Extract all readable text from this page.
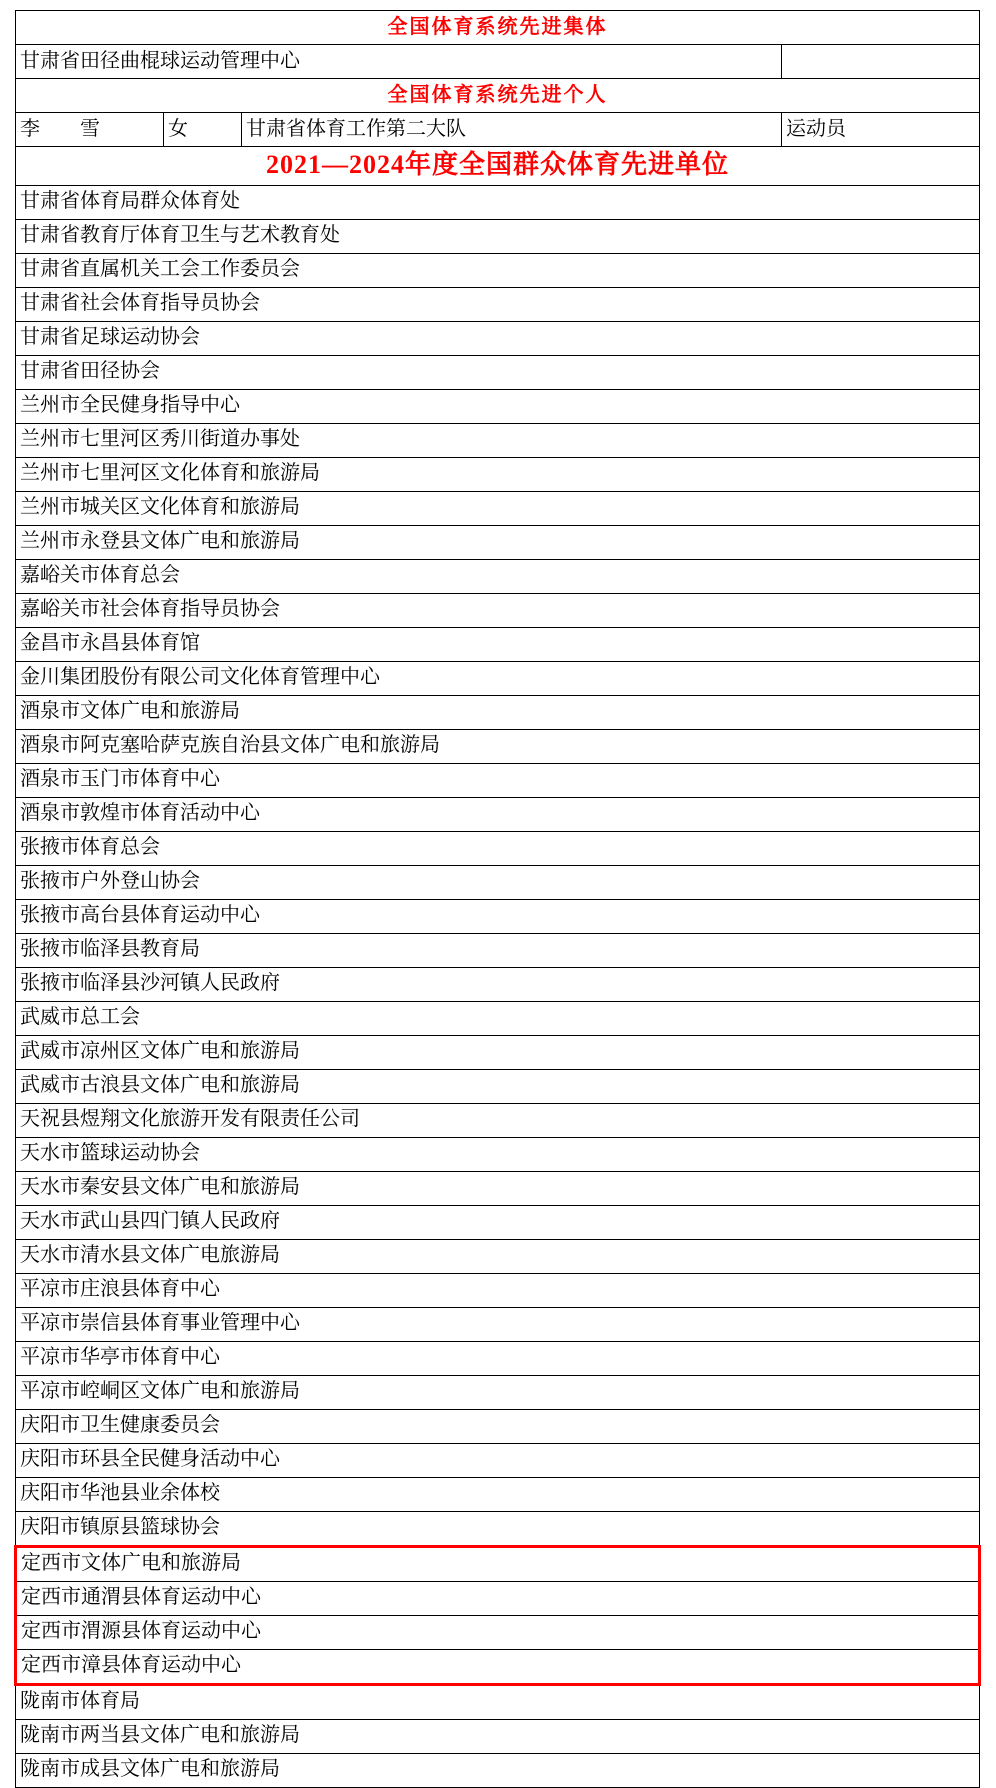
全国体育系统先进集体			
甘肃省田径曲棍球运动管理中心			
全国体育系统先进个人			
李　雪	女	甘肃省体育工作第二大队	运动员
2021—2024年度全国群众体育先进单位			
甘肃省体育局群众体育处			
甘肃省教育厅体育卫生与艺术教育处			
甘肃省直属机关工会工作委员会			
甘肃省社会体育指导员协会			
甘肃省足球运动协会			
甘肃省田径协会			
兰州市全民健身指导中心			
兰州市七里河区秀川街道办事处			
兰州市七里河区文化体育和旅游局			
兰州市城关区文化体育和旅游局			
兰州市永登县文体广电和旅游局			
嘉峪关市体育总会			
嘉峪关市社会体育指导员协会			
金昌市永昌县体育馆			
金川集团股份有限公司文化体育管理中心			
酒泉市文体广电和旅游局			
酒泉市阿克塞哈萨克族自治县文体广电和旅游局			
酒泉市玉门市体育中心			
酒泉市敦煌市体育活动中心			
张掖市体育总会			
张掖市户外登山协会			
张掖市高台县体育运动中心			
张掖市临泽县教育局			
张掖市临泽县沙河镇人民政府			
武威市总工会			
武威市凉州区文体广电和旅游局			
武威市古浪县文体广电和旅游局			
天祝县煜翔文化旅游开发有限责任公司			
天水市篮球运动协会			
天水市秦安县文体广电和旅游局			
天水市武山县四门镇人民政府			
天水市清水县文体广电旅游局			
平凉市庄浪县体育中心			
平凉市崇信县体育事业管理中心			
平凉市华亭市体育中心			
平凉市崆峒区文体广电和旅游局			
庆阳市卫生健康委员会			
庆阳市环县全民健身活动中心			
庆阳市华池县业余体校			
庆阳市镇原县篮球协会			
定西市文体广电和旅游局			
定西市通渭县体育运动中心			
定西市渭源县体育运动中心			
定西市漳县体育运动中心			
陇南市体育局			
陇南市两当县文体广电和旅游局			
陇南市成县文体广电和旅游局			
